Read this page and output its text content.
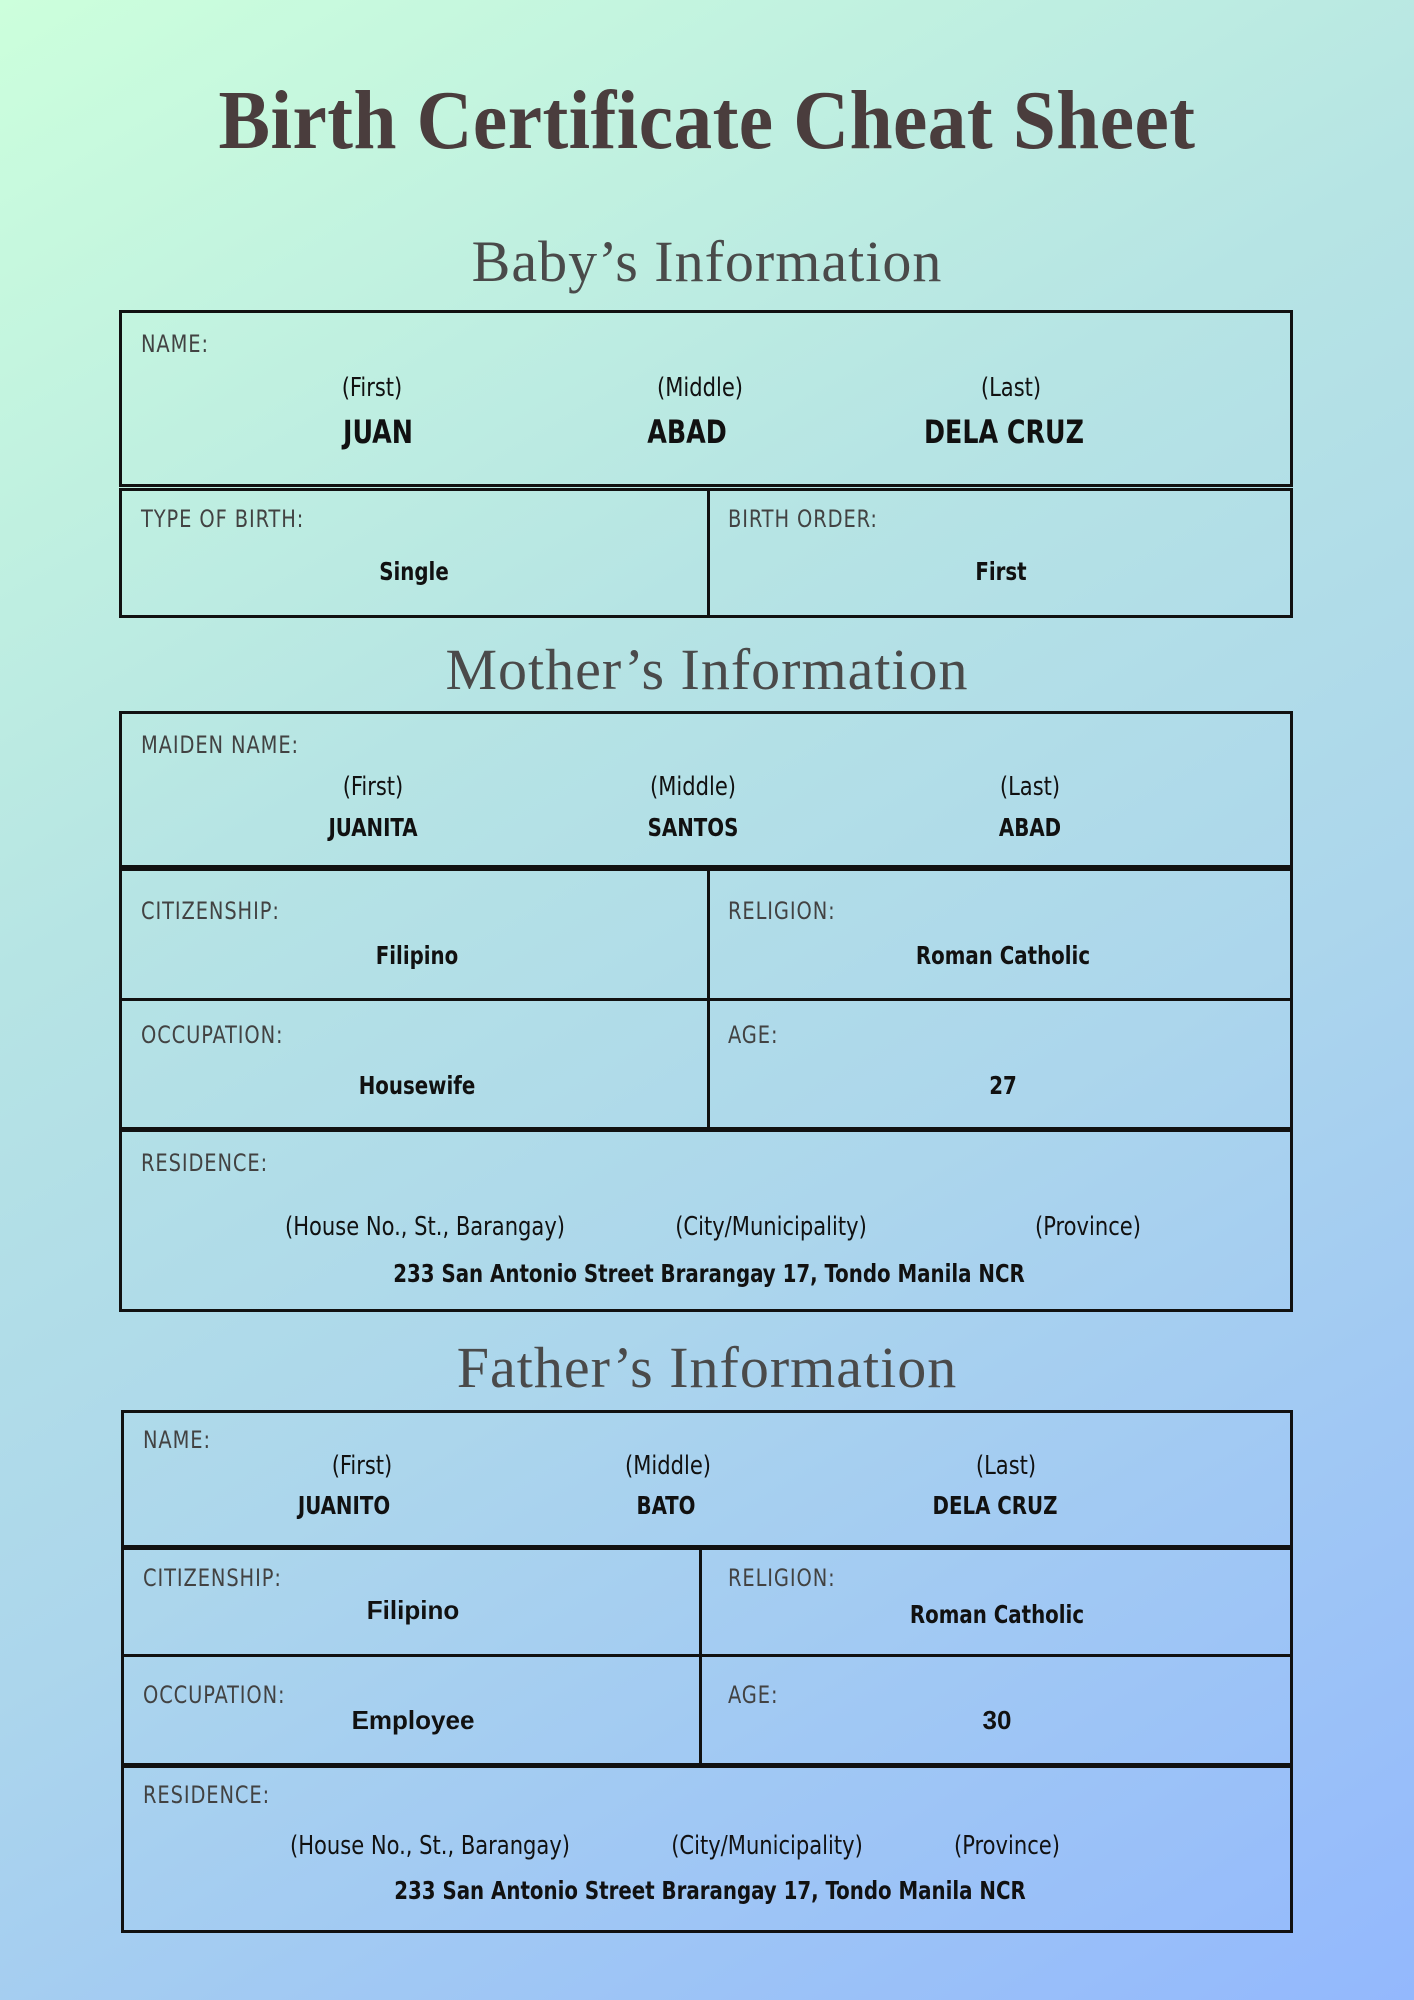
Birth Certificate Cheat Sheet
Baby’s Information
NAME:
(First)	(Middle)	(Last)
JUAN	ABAD	DELA CRUZ
TYPE OF BIRTH:
Single
BIRTH ORDER:
First
Mother’s Information
MAIDEN NAME:
(First)	(Middle)	(Last)
JUANITA	SANTOS	ABAD
CITIZENSHIP:
Filipino
RELIGION:
Roman Catholic
OCCUPATION:
Housewife
AGE:
27
RESIDENCE:
(House No., St., Barangay)	(City/Municipality)	(Province)
233 San Antonio Street Brarangay 17, Tondo Manila NCR
Father’s Information
NAME:
(First)	(Middle)	(Last)
JUANITO	BATO	DELA CRUZ
CITIZENSHIP:
Filipino
RELIGION:
Roman Catholic
OCCUPATION:
Employee
AGE:
30
RESIDENCE:
(House No., St., Barangay)	(City/Municipality)	(Province)
233 San Antonio Street Brarangay 17, Tondo Manila NCR
